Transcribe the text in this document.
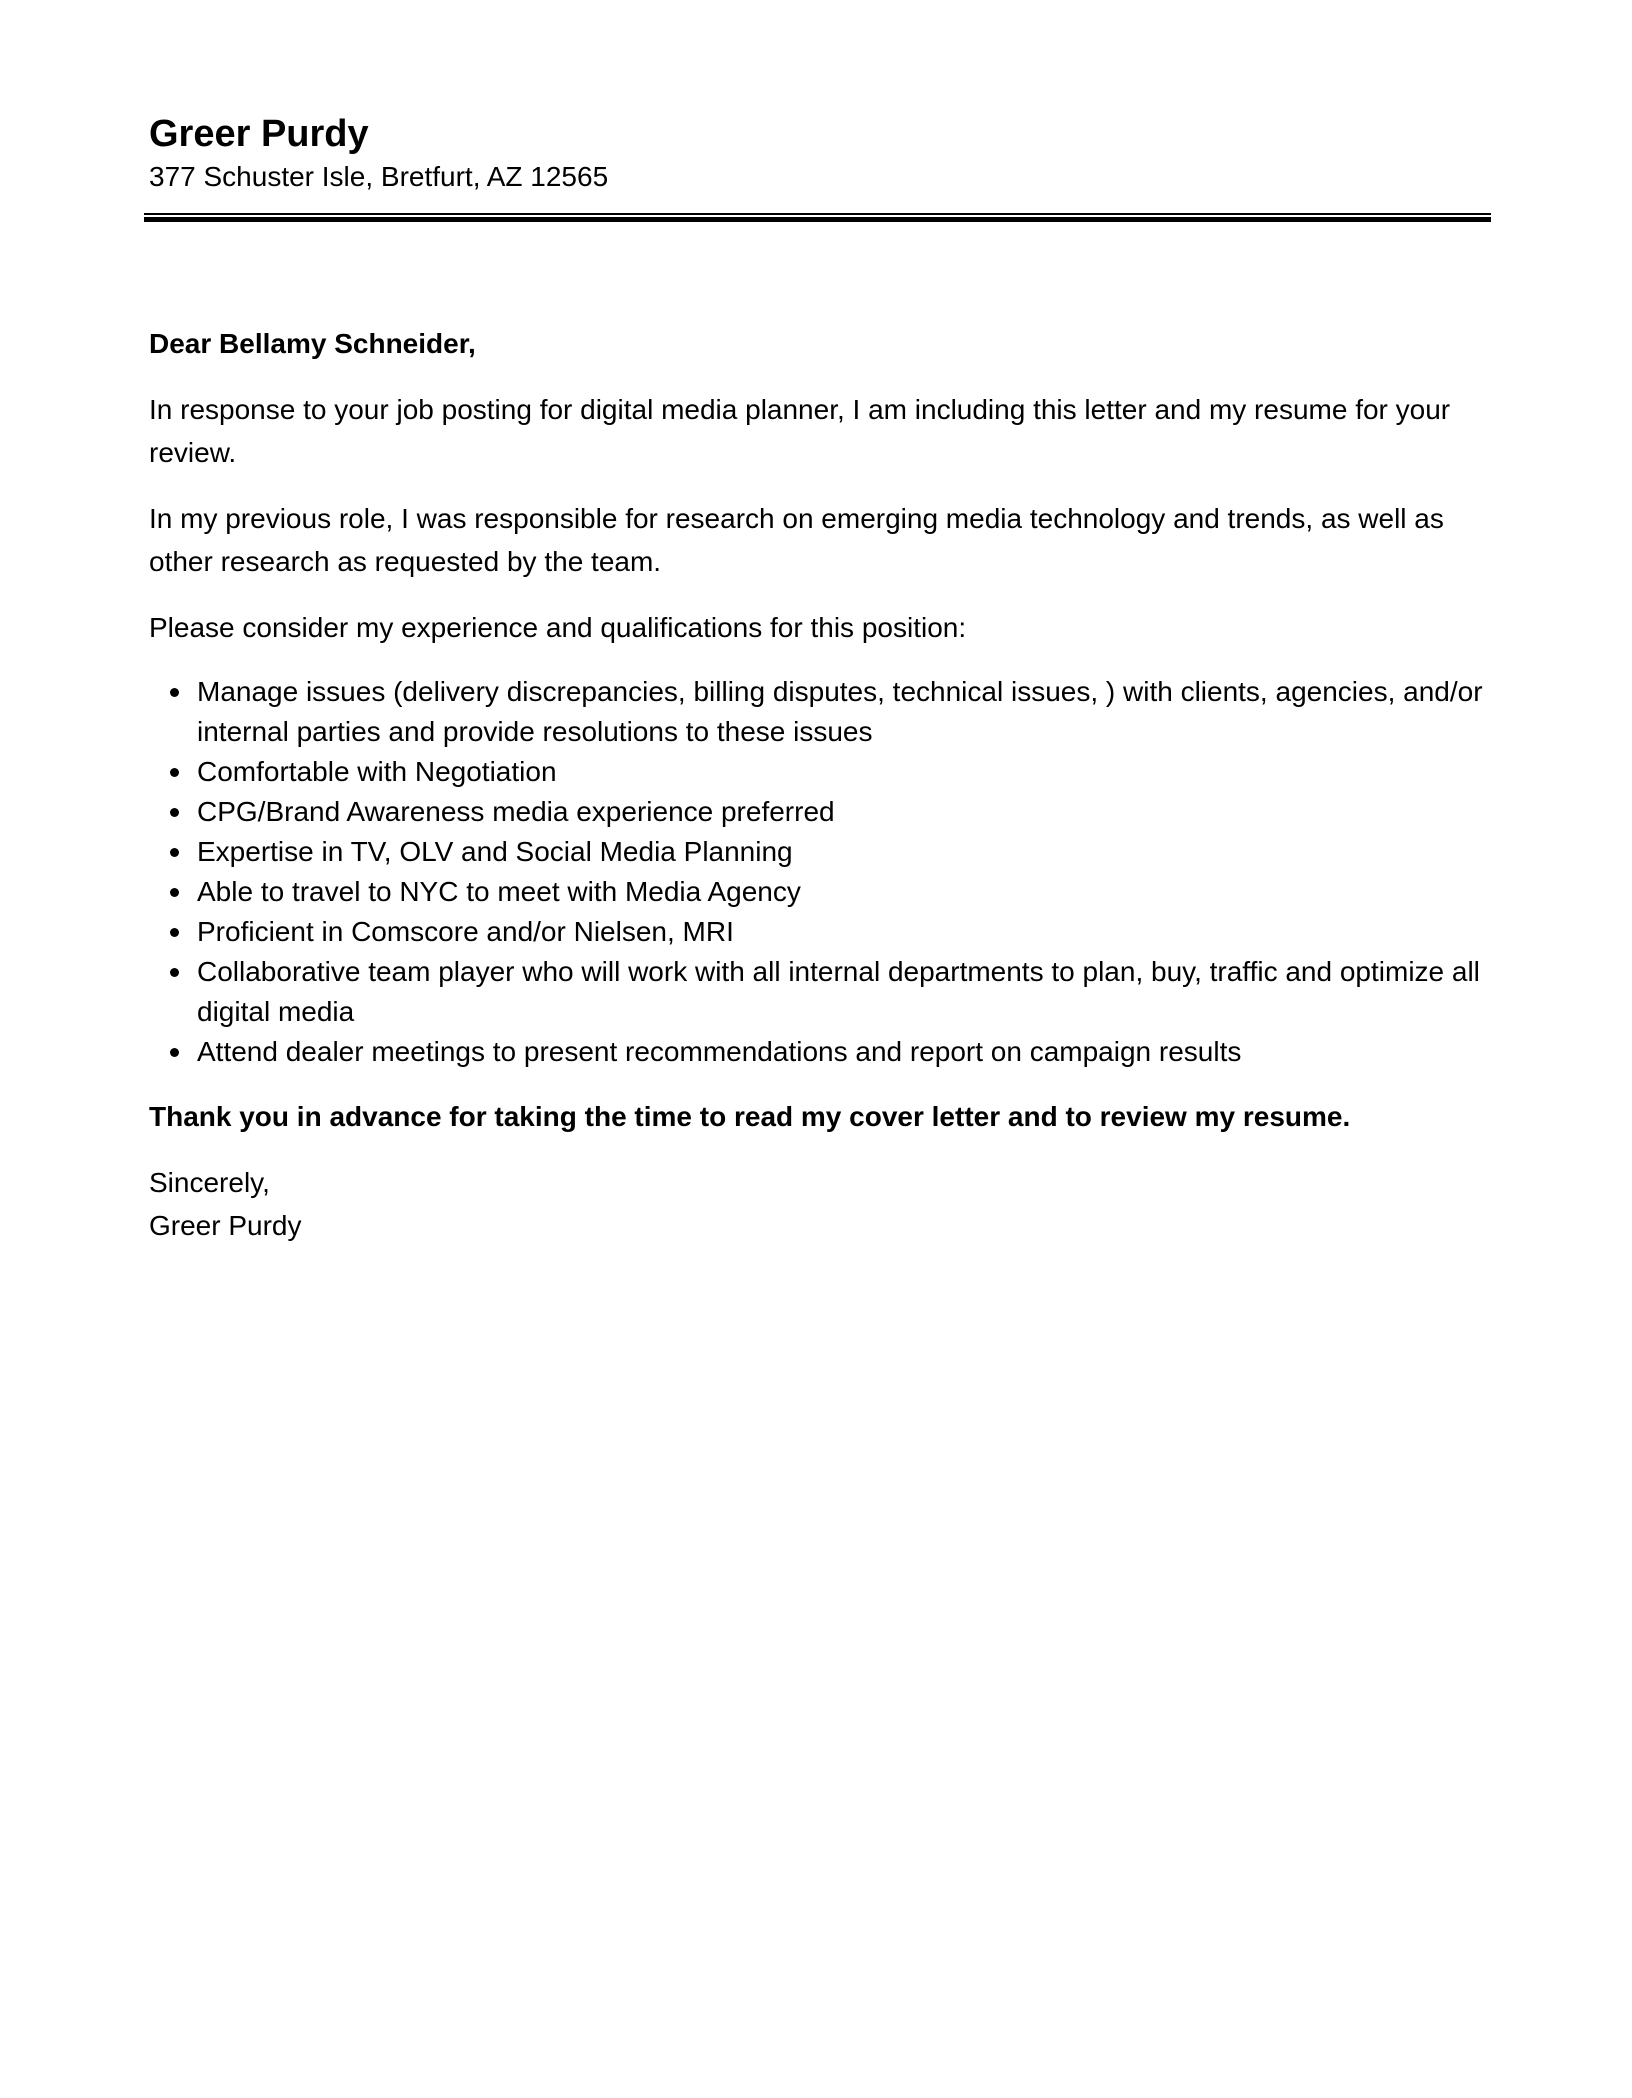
Greer Purdy

377 Schuster Isle, Bretfurt, AZ 12565

Dear Bellamy Schneider,

In response to your job posting for digital media planner, I am including this letter and my resume for your review.

In my previous role, I was responsible for research on emerging media technology and trends, as well as other research as requested by the team.

Please consider my experience and qualifications for this position:

Manage issues (delivery discrepancies, billing disputes, technical issues, ) with clients, agencies, and/or internal parties and provide resolutions to these issues
Comfortable with Negotiation
CPG/Brand Awareness media experience preferred
Expertise in TV, OLV and Social Media Planning
Able to travel to NYC to meet with Media Agency
Proficient in Comscore and/or Nielsen, MRI
Collaborative team player who will work with all internal departments to plan, buy, traffic and optimize all digital media
Attend dealer meetings to present recommendations and report on campaign results

Thank you in advance for taking the time to read my cover letter and to review my resume.

Sincerely,

Greer Purdy
